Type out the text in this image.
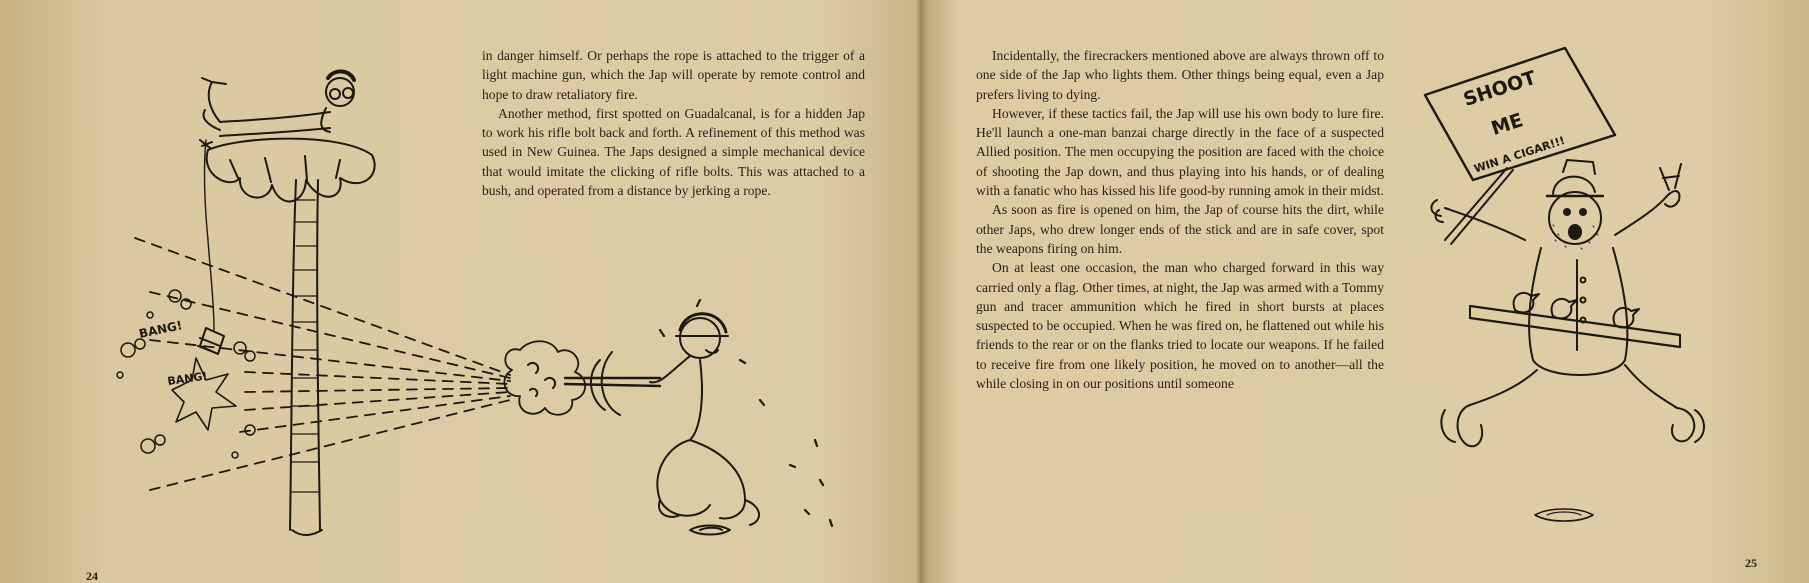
BANG!
BANG!

in danger himself. Or perhaps the rope is attached to the trigger of a light machine gun, which the Jap will operate by remote control and hope to draw retaliatory fire.

Another method, first spotted on Guadalcanal, is for a hidden Jap to work his rifle bolt back and forth. A refinement of this method was used in New Guinea. The Japs designed a simple mechanical device that would imitate the clicking of rifle bolts. This was attached to a bush, and operated from a distance by jerking a rope.

24

Incidentally, the firecrackers mentioned above are always thrown off to one side of the Jap who lights them. Other things being equal, even a Jap prefers living to dying.

However, if these tactics fail, the Jap will use his own body to lure fire. He'll launch a one-man banzai charge directly in the face of a suspected Allied position. The men occupying the position are faced with the choice of shooting the Jap down, and thus playing into his hands, or of dealing with a fanatic who has kissed his life good-by running amok in their midst.

As soon as fire is opened on him, the Jap of course hits the dirt, while other Japs, who drew longer ends of the stick and are in safe cover, spot the weapons firing on him.

On at least one occasion, the man who charged forward in this way carried only a flag. Other times, at night, the Jap was armed with a Tommy gun and tracer ammunition which he fired in short bursts at places suspected to be occupied. When he was fired on, he flattened out while his friends to the rear or on the flanks tried to locate our weapons. If he failed to receive fire from one likely position, he moved on to another—all the while closing in on our positions until someone

SHOOT
ME
WIN A CIGAR!!!
25
